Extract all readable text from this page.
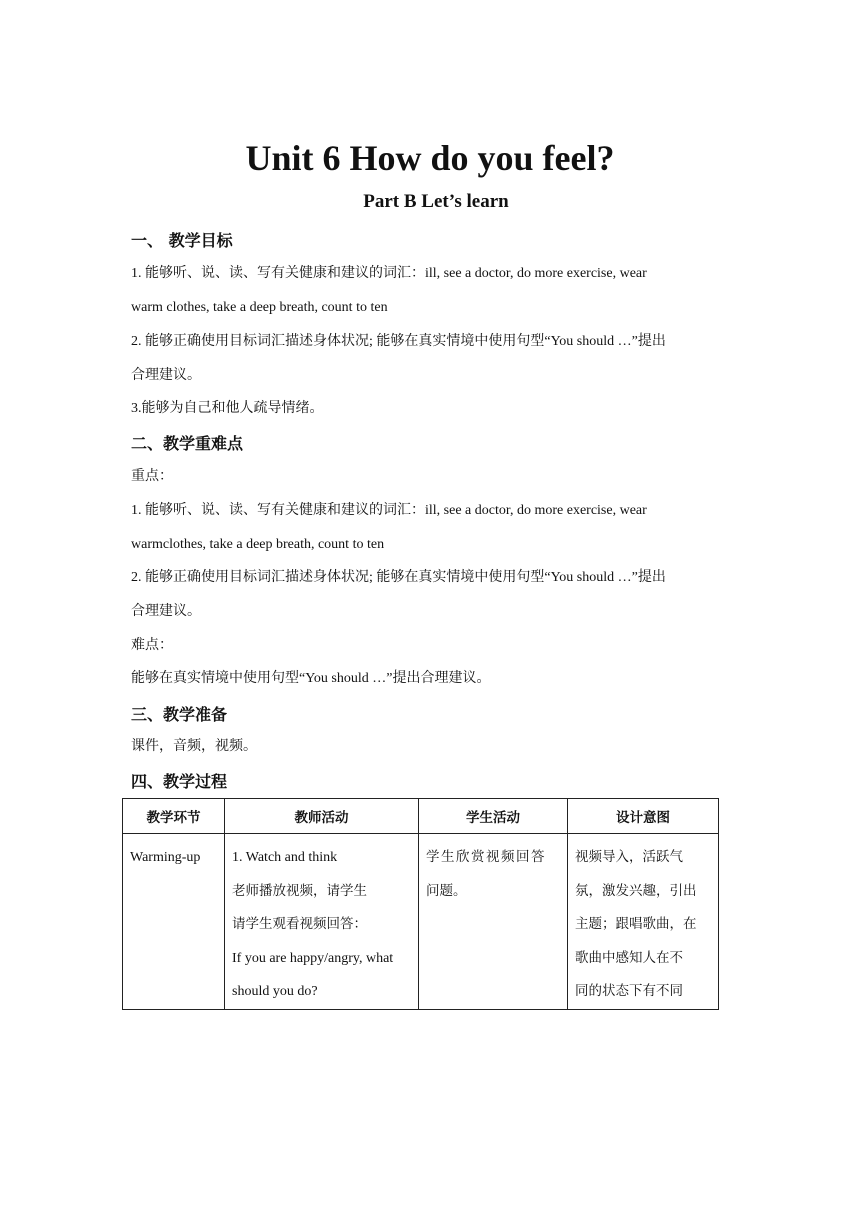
Unit 6 How do you feel?
Part B Let’s learn
一、 教学目标
1. 能够听、说、读、写有关健康和建议的词汇：ill, see a doctor, do more exercise, wear
warm clothes, take a deep breath, count to ten
2. 能够正确使用目标词汇描述身体状况; 能够在真实情境中使用句型“You should …”提出
合理建议。
3.能够为自己和他人疏导情绪。
二、教学重难点
重点：
1. 能够听、说、读、写有关健康和建议的词汇：ill, see a doctor, do more exercise, wear
warmclothes, take a deep breath, count to ten
2. 能够正确使用目标词汇描述身体状况; 能够在真实情境中使用句型“You should …”提出
合理建议。
难点：
能够在真实情境中使用句型“You should …”提出合理建议。
三、教学准备
课件，音频，视频。
四、教学过程
教学环节	教师活动	学生活动	设计意图

Warming-up	1. Watch and think
老师播放视频，请学生
请学生观看视频回答：
If you are happy/angry, what
should you do?	学生欣赏视频回答
问题。	视频导入，活跃气
氛，激发兴趣，引出
主题；跟唱歌曲，在
歌曲中感知人在不
同的状态下有不同
